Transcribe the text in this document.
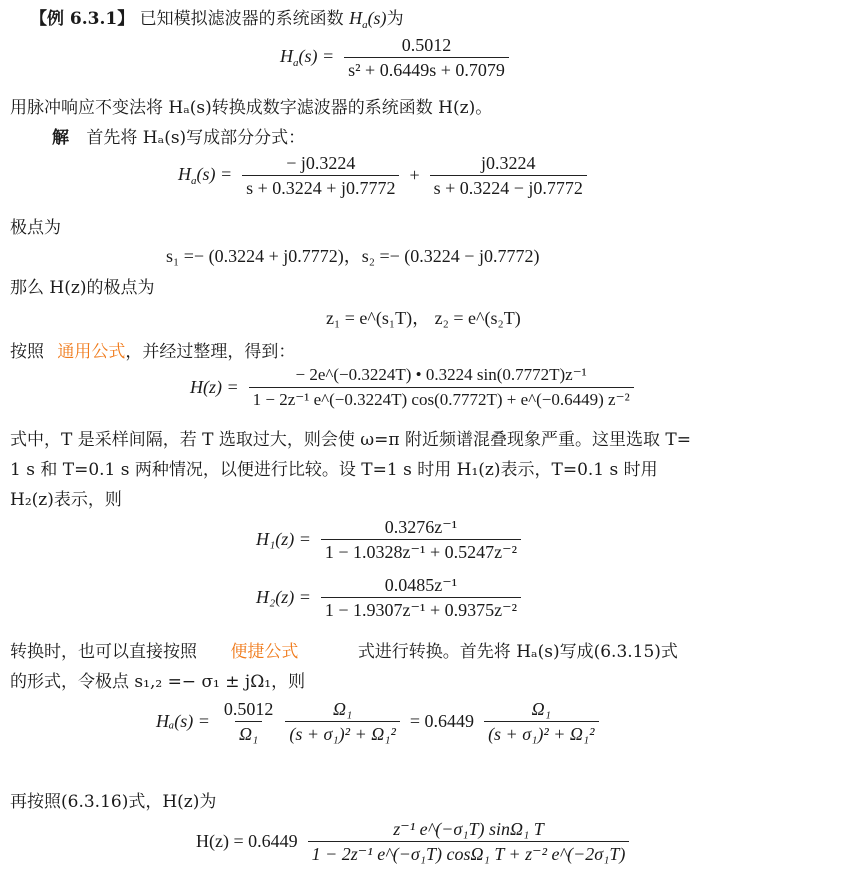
【例 6.3.1】 已知模拟滤波器的系统函数 $H_a(s)$为
$H_a(s) = \frac{0.5012}{\text{s² + 0.6449s + 0.7079}}$
用脉冲响应不变法将 Hₐ(s)转换成数字滤波器的系统函数 H(z)。
解 首先将 Hₐ(s)写成部分分式：
$H_a(s) = \frac{- j0.3224}{s + 0.3224 + j0.7772} + \frac{j0.3224}{s + 0.3224 - j0.7772}$
极点为
s₁ =− (0.3224 + j0.7772)，s₂ =− (0.3224 − j0.7772)
那么 H(z)的极点为
z₁ = e^(s₁T)， z₂ = e^(s₂T)
按照 通用公式，并经过整理，得到：
$H(z) = \frac{\text{− 2e\textasciicircum{}(−0.3224T) • 0.3224 sin(0.7772T)z⁻¹}}{\text{1 − 2z⁻¹ e\textasciicircum{}(−0.3224T) cos(0.7772T) + e\textasciicircum{}(−0.6449) z⁻²}}$
式中，T 是采样间隔，若 T 选取过大，则会使 ω=π 附近频谱混叠现象严重。这里选取 T=
1 s 和 T=0.1 s 两种情况，以便进行比较。设 T=1 s 时用 H₁(z)表示，T=0.1 s 时用
H₂(z)表示，则
$H_1(z) = \frac{\text{0.3276z⁻¹}}{\text{1 − 1.0328z⁻¹ + 0.5247z⁻²}}$
$H_2(z) = \frac{\text{0.0485z⁻¹}}{\text{1 − 1.9307z⁻¹ + 0.9375z⁻²}}$
转换时，也可以直接按照 便捷公式	式进行转换。首先将 Hₐ(s)写成(6.3.15)式
的形式，令极点 s₁,₂ =− σ₁ ± jΩ₁，则
$H_a(s) = \frac{0.5012}{\text{Ω₁}} \frac{\text{Ω₁}}{\text{(s + σ₁)² + Ω₁²}} = 0.6449 \frac{\text{Ω₁}}{\text{(s + σ₁)² + Ω₁²}}$
再按照(6.3.16)式，H(z)为
$H(z) = 0.6449 \frac{\text{z⁻¹ e\textasciicircum{}(−σ₁T) sinΩ₁ T}}{\text{1 − 2z⁻¹ e\textasciicircum{}(−σ₁T) cosΩ₁ T + z⁻² e\textasciicircum{}(−2σ₁T)}}$
